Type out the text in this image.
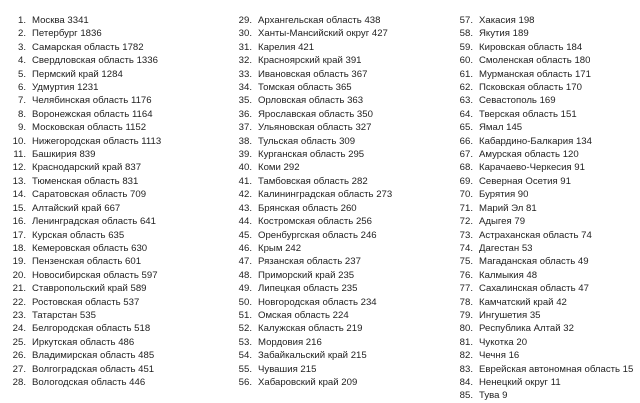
1. Москва 3341
2. Петербург 1836
3. Самарская область 1782
4. Свердловская область 1336
5. Пермский край 1284
6. Удмуртия 1231
7. Челябинская область 1176
8. Воронежская область 1164
9. Московская область 1152
10. Нижегородская область 1113
11. Башкирия 839
12. Краснодарский край 837
13. Тюменская область 831
14. Саратовская область 709
15. Алтайский край 667
16. Ленинградская область 641
17. Курская область 635
18. Кемеровская область 630
19. Пензенская область 601
20. Новосибирская область 597
21. Ставропольский край 589
22. Ростовская область 537
23. Татарстан 535
24. Белгородская область 518
25. Иркутская область 486
26. Владимирская область 485
27. Волгоградская область 451
28. Вологодская область 446
29. Архангельская область 438
30. Ханты-Мансийский округ 427
31. Карелия 421
32. Красноярский край 391
33. Ивановская область 367
34. Томская область 365
35. Орловская область 363
36. Ярославская область 350
37. Ульяновская область 327
38. Тульская область 309
39. Курганская область 295
40. Коми 292
41. Тамбовская область 282
42. Калининградская область 273
43. Брянская область 260
44. Костромская область 256
45. Оренбургская область 246
46. Крым 242
47. Рязанская область 237
48. Приморский край 235
49. Липецкая область 235
50. Новгородская область 234
51. Омская область 224
52. Калужская область 219
53. Мордовия 216
54. Забайкальский край 215
55. Чувашия 215
56. Хабаровский край 209
57. Хакасия 198
58. Якутия 189
59. Кировская область 184
60. Смоленская область 180
61. Мурманская область 171
62. Псковская область 170
63. Севастополь 169
64. Тверская область 151
65. Ямал 145
66. Кабардино-Балкария 134
67. Амурская область 120
68. Карачаево-Черкесия 91
69. Северная Осетия 91
70. Бурятия 90
71. Марий Эл 81
72. Адыгея 79
73. Астраханская область 74
74. Дагестан 53
75. Магаданская область 49
76. Калмыкия 48
77. Сахалинская область 47
78. Камчатский край 42
79. Ингушетия 35
80. Республика Алтай 32
81. Чукотка 20
82. Чечня 16
83. Еврейская автономная область 15
84. Ненецкий округ 11
85. Тува 9
